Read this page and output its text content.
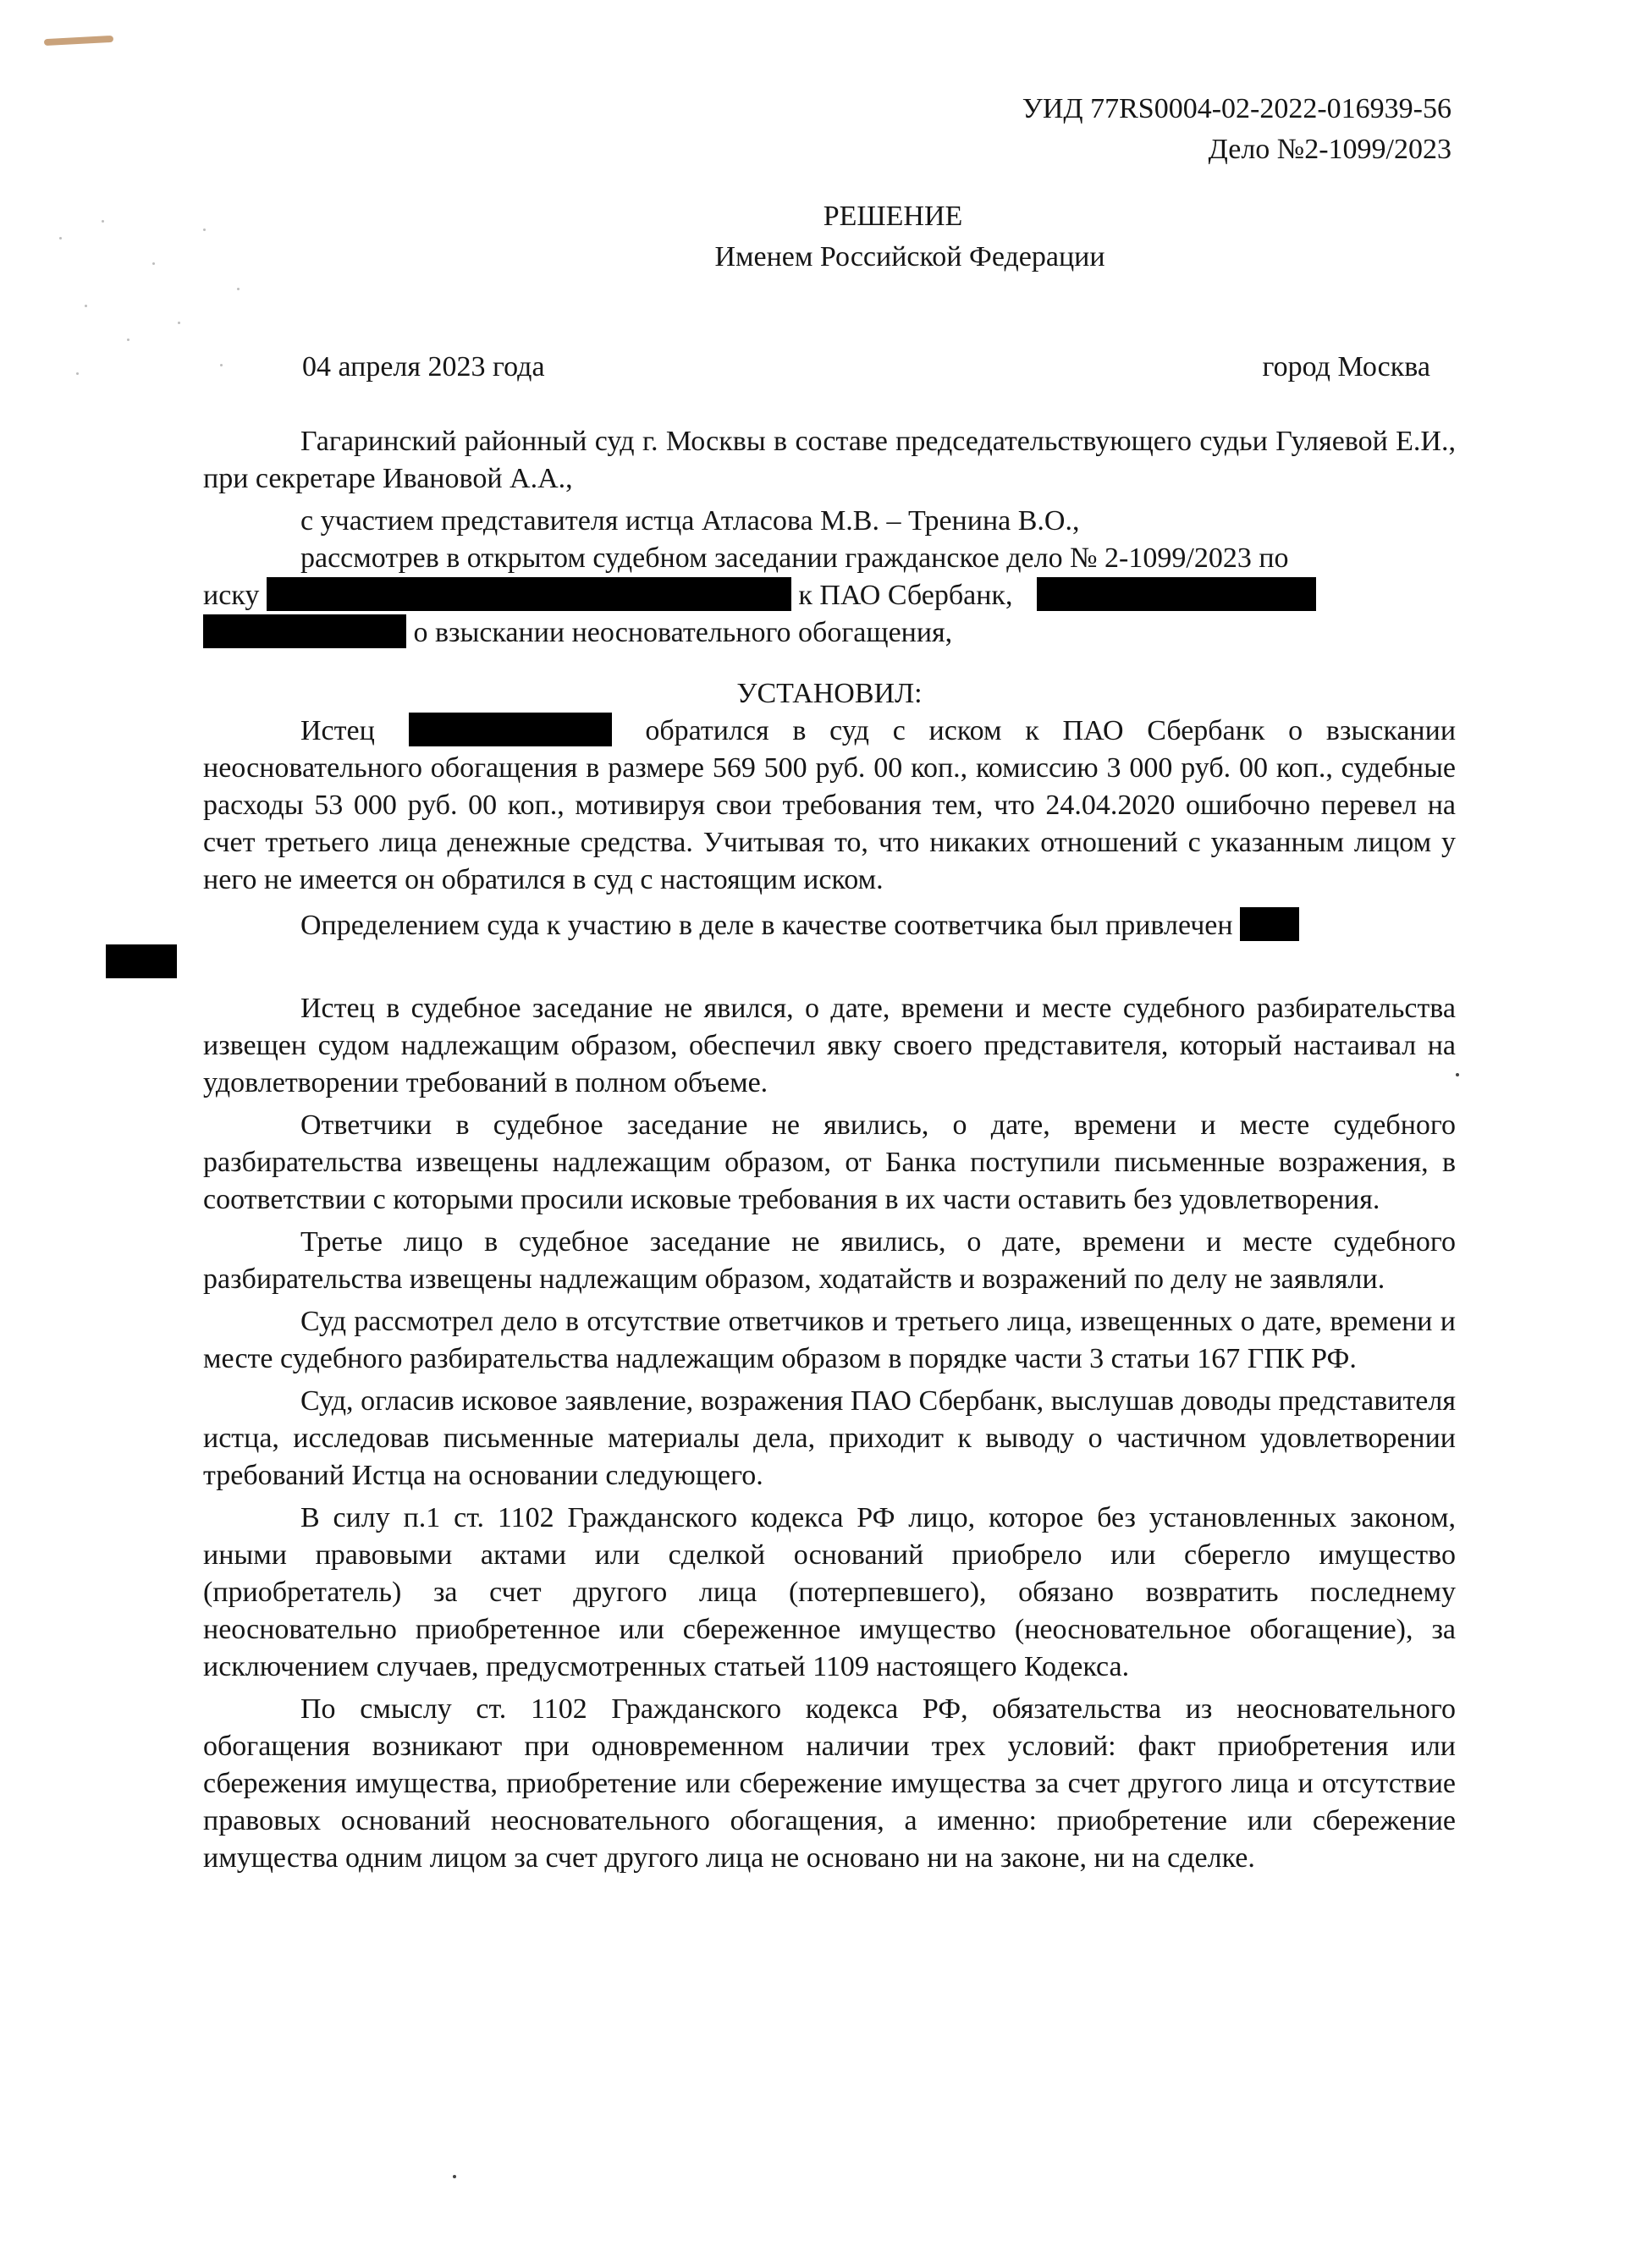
УИД 77RS0004-02-2022-016939-56
Дело №2-1099/2023
РЕШЕНИЕ
Именем Российской Федерации
04 апреля 2023 года	город Москва

Гагаринский районный суд г. Москвы в составе председательствующего судьи Гуляевой Е.И., при секретаре Ивановой А.А.,

с участием представителя истца Атласова М.В. – Тренина В.О.,

рассмотрев в открытом судебном заседании гражданское дело № 2-1099/2023 по

иску	к ПАО Сбербанк,

о взыскании неосновательного обогащения,

УСТАНОВИЛ:

Истец	обратился в суд с иском к ПАО Сбербанк о взыскании неосновательного обогащения в размере 569 500 руб. 00 коп., комиссию 3 000 руб. 00 коп., судебные расходы 53 000 руб. 00 коп., мотивируя свои требования тем, что 24.04.2020 ошибочно перевел на счет третьего лица денежные средства. Учитывая то, что никаких отношений с указанным лицом у него не имеется он обратился в суд с настоящим иском.

Определением суда к участию в деле в качестве соответчика был привлечен

Истец в судебное заседание не явился, о дате, времени и месте судебного разбирательства извещен судом надлежащим образом, обеспечил явку своего представителя, который настаивал на удовлетворении требований в полном объеме.

Ответчики в судебное заседание не явились, о дате, времени и месте судебного разбирательства извещены надлежащим образом, от Банка поступили письменные возражения, в соответствии с которыми просили исковые требования в их части оставить без удовлетворения.

Третье лицо в судебное заседание не явились, о дате, времени и месте судебного разбирательства извещены надлежащим образом, ходатайств и возражений по делу не заявляли.

Суд рассмотрел дело в отсутствие ответчиков и третьего лица, извещенных о дате, времени и месте судебного разбирательства надлежащим образом в порядке части 3 статьи 167 ГПК РФ.

Суд, огласив исковое заявление, возражения ПАО Сбербанк, выслушав доводы представителя истца, исследовав письменные материалы дела, приходит к выводу о частичном удовлетворении требований Истца на основании следующего.

В силу п.1 ст. 1102 Гражданского кодекса РФ лицо, которое без установленных законом, иными правовыми актами или сделкой оснований приобрело или сберегло имущество (приобретатель) за счет другого лица (потерпевшего), обязано возвратить последнему неосновательно приобретенное или сбереженное имущество (неосновательное обогащение), за исключением случаев, предусмотренных статьей 1109 настоящего Кодекса.

По смыслу ст. 1102 Гражданского кодекса РФ, обязательства из неосновательного обогащения возникают при одновременном наличии трех условий: факт приобретения или сбережения имущества, приобретение или сбережение имущества за счет другого лица и отсутствие правовых оснований неосновательного обогащения, а именно: приобретение или сбережение имущества одним лицом за счет другого лица не основано ни на законе, ни на сделке.
